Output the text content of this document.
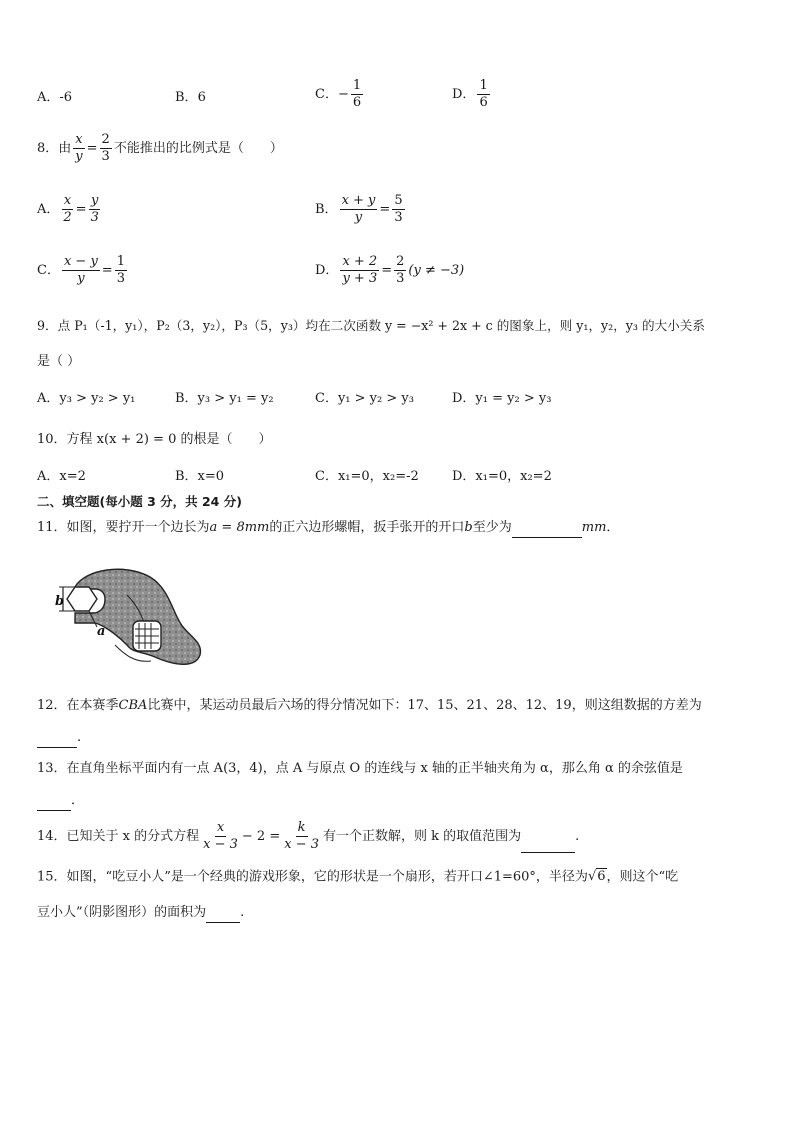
A．-6	B．6	C．− $\frac{1}{6}$	D． $\frac{1}{6}$
8．由 $\frac{x}{y} = \frac{2}{3}$ 不能推出的比例式是（　　）
A． $\frac{x}{2} = \frac{y}{3}$	B． $\frac{x + y}{y} = \frac{5}{3}$
C． $\frac{x - y}{y} = \frac{1}{3}$	D． $\frac{x + 2}{y + 3} = \frac{2}{3} (y \ne -3)$
9．点 P₁（-1，y₁），P₂（3，y₂），P₃（5，y₃）均在二次函数 y = −x² + 2x + c 的图象上，则 y₁，y₂，y₃ 的大小关系
是（ ）
A．y₃ > y₂ > y₁	B．y₃ > y₁ = y₂	C．y₁ > y₂ > y₃	D．y₁ = y₂ > y₃
10．方程 x(x + 2) = 0 的根是（　　）
A．x=2	B．x=0	C．x₁=0，x₂=-2	D．x₁=0，x₂=2
二、填空题(每小题 3 分，共 24 分)
11．如图，要拧开一个边长为a = 8mm的正六边形螺帽，扳手张开的开口b至少为	mm．
b
a
12．在本赛季CBA比赛中，某运动员最后六场的得分情况如下：17、15、21、28、12、19，则这组数据的方差为
.
13．在直角坐标平面内有一点 A(3，4)，点 A 与原点 O 的连线与 x 轴的正半轴夹角为 α，那么角 α 的余弦值是
．
14．已知关于 x 的分式方程 $\frac{x}{x - 3} - 2 = \frac{k}{x - 3}$ 有一个正数解，则 k 的取值范围为	.
15．如图，“吃豆小人”是一个经典的游戏形象，它的形状是一个扇形，若开口∠1=60°，半径为√6，则这个“吃
豆小人”（阴影图形）的面积为	.
